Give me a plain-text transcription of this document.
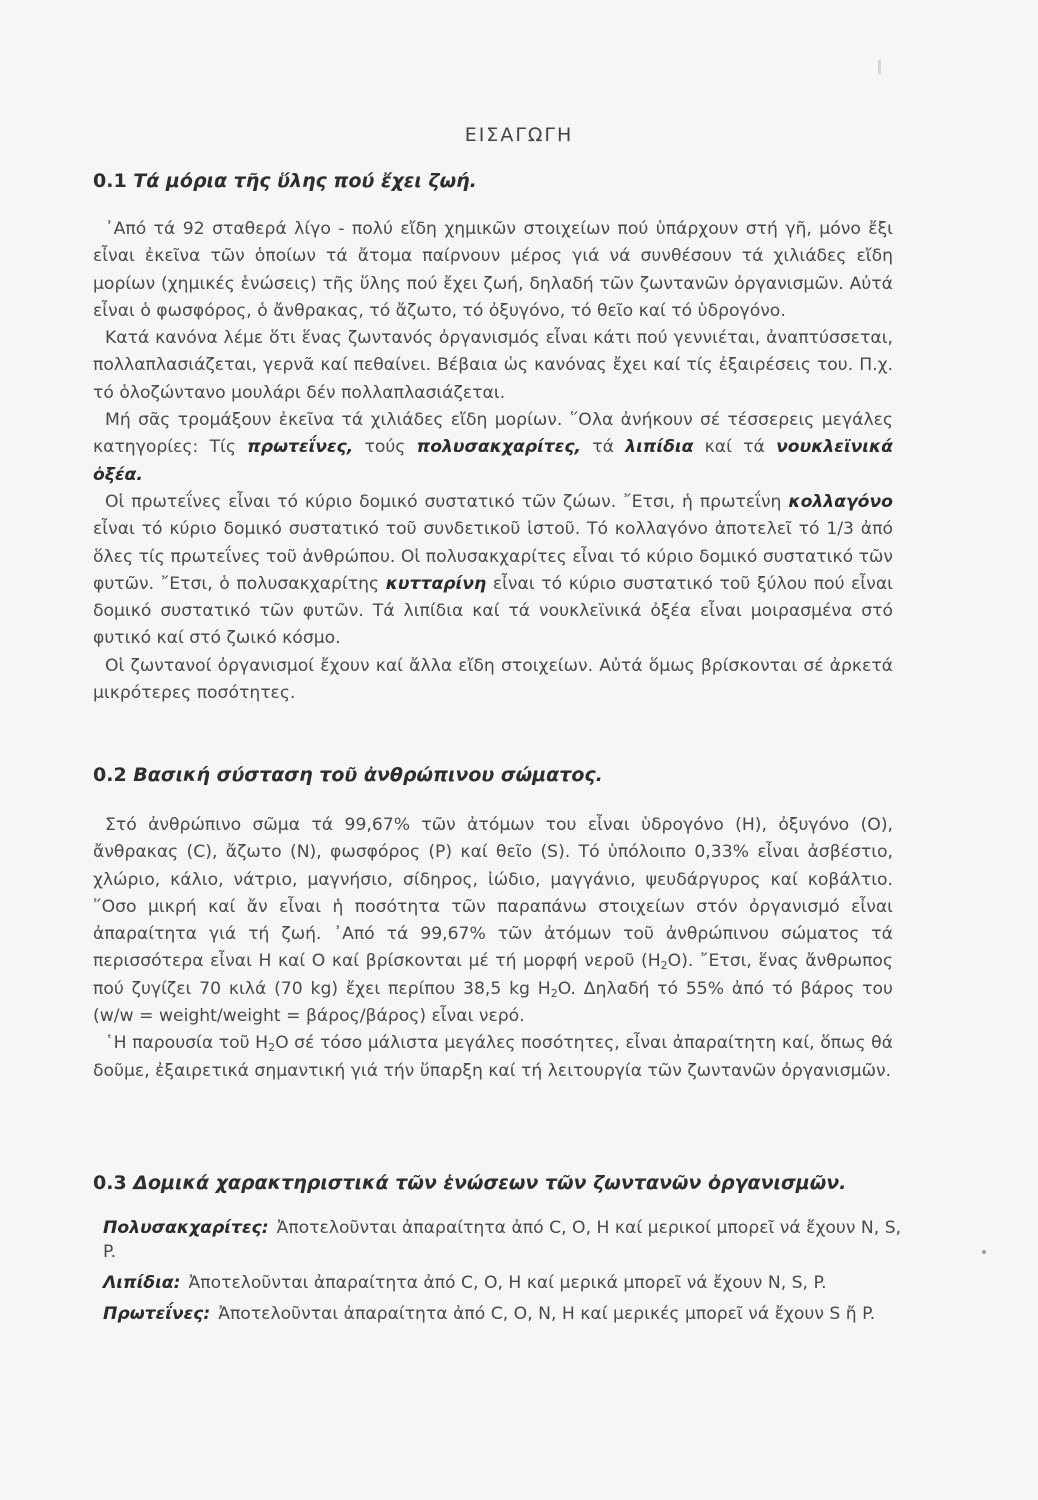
ΕΙΣΑΓΩΓΗ
0.1 Τά μόρια τῆς ὕλης πού ἔχει ζωή.

᾽Από τά 92 σταθερά λίγο - πολύ εἴδη χημικῶν στοιχείων πού ὑπάρχουν στή γῆ, μόνο ἔξι εἶναι ἐκεῖνα τῶν ὁποίων τά ἄτομα παίρνουν μέρος γιά νά συνθέσουν τά χιλιάδες εἴδη μορίων (χημικές ἑνώσεις) τῆς ὕλης πού ἔχει ζωή, δηλαδή τῶν ζωντανῶν ὀργανισμῶν. Αὐτά εἶναι ὁ φωσφόρος, ὁ ἄνθρακας, τό ἄζωτο, τό ὀξυγόνο, τό θεῖο καί τό ὑδρογόνο.

Κατά κανόνα λέμε ὅτι ἕνας ζωντανός ὀργανισμός εἶναι κάτι πού γεννιέται, ἀναπτύσσεται, πολλαπλασιάζεται, γερνᾶ καί πεθαίνει. Βέβαια ὡς κανόνας ἔχει καί τίς ἐξαιρέσεις του. Π.χ. τό ὁλοζώντανο μουλάρι δέν πολλαπλασιάζεται.

Μή σᾶς τρομάξουν ἐκεῖνα τά χιλιάδες εἴδη μορίων. ῞Ολα ἀνήκουν σέ τέσσερεις μεγάλες κατηγορίες: Τίς πρωτεΐνες, τούς πολυσακχαρίτες, τά λιπίδια καί τά νουκλεϊνικά ὀξέα.

Οἱ πρωτεΐνες εἶναι τό κύριο δομικό συστατικό τῶν ζώων. ῎Ετσι, ἡ πρωτεΐνη κολλαγόνο εἶναι τό κύριο δομικό συστατικό τοῦ συνδετικοῦ ἱστοῦ. Τό κολλαγόνο ἀποτελεῖ τό 1/3 ἀπό ὅλες τίς πρωτεΐνες τοῦ ἀνθρώπου. Οἱ πολυσακχαρίτες εἶναι τό κύριο δομικό συστατικό τῶν φυτῶν. ῎Ετσι, ὁ πολυσακχαρίτης κυτταρίνη εἶναι τό κύριο συστατικό τοῦ ξύλου πού εἶναι δομικό συστατικό τῶν φυτῶν. Τά λιπίδια καί τά νουκλεϊνικά ὀξέα εἶναι μοιρασμένα στό φυτικό καί στό ζωικό κόσμο.

Οἱ ζωντανοί ὀργανισμοί ἔχουν καί ἄλλα εἴδη στοιχείων. Αὐτά ὅμως βρίσκονται σέ ἀρκετά μικρότερες ποσότητες.

0.2 Βασική σύσταση τοῦ ἀνθρώπινου σώματος.

Στό ἀνθρώπινο σῶμα τά 99,67% τῶν ἀτόμων του εἶναι ὑδρογόνο (H), ὀξυγόνο (O), ἄνθρακας (C), ἄζωτο (N), φωσφόρος (P) καί θεῖο (S). Τό ὑπόλοιπο 0,33% εἶναι ἀσβέστιο, χλώριο, κάλιο, νάτριο, μαγνήσιο, σίδηρος, ἰώδιο, μαγγάνιο, ψευδάργυρος καί κοβάλτιο. ῞Οσο μικρή καί ἄν εἶναι ἡ ποσότητα τῶν παραπάνω στοιχείων στόν ὀργανισμό εἶναι ἀπαραίτητα γιά τή ζωή. ᾽Από τά 99,67% τῶν ἀτόμων τοῦ ἀνθρώπινου σώματος τά περισσότερα εἶναι H καί O καί βρίσκονται μέ τή μορφή νεροῦ $(H_2O)$. ῎Ετσι, ἕνας ἄνθρωπος πού ζυγίζει 70 κιλά (70 kg) ἔχει περίπου 38,5 kg $H_2O$. Δηλαδή τό 55% ἀπό τό βάρος του (w/w = weight/weight = βάρος/βάρος) εἶναι νερό.

῾Η παρουσία τοῦ $H_2O$ σέ τόσο μάλιστα μεγάλες ποσότητες, εἶναι ἀπαραίτητη καί, ὅπως θά δοῦμε, ἐξαιρετικά σημαντική γιά τήν ὕπαρξη καί τή λειτουργία τῶν ζωντανῶν ὀργανισμῶν.

0.3 Δομικά χαρακτηριστικά τῶν ἑνώσεων τῶν ζωντανῶν ὀργανισμῶν.
Πολυσακχαρίτες: Ἀποτελοῦνται ἀπαραίτητα ἀπό C, O, H καί μερικοί μπορεῖ νά ἔχουν N, S, P.
Λιπίδια: Ἀποτελοῦνται ἀπαραίτητα ἀπό C, O, H καί μερικά μπορεῖ νά ἔχουν N, S, P.
Πρωτεΐνες: Ἀποτελοῦνται ἀπαραίτητα ἀπό C, O, N, H καί μερικές μπορεῖ νά ἔχουν S ἤ P.
